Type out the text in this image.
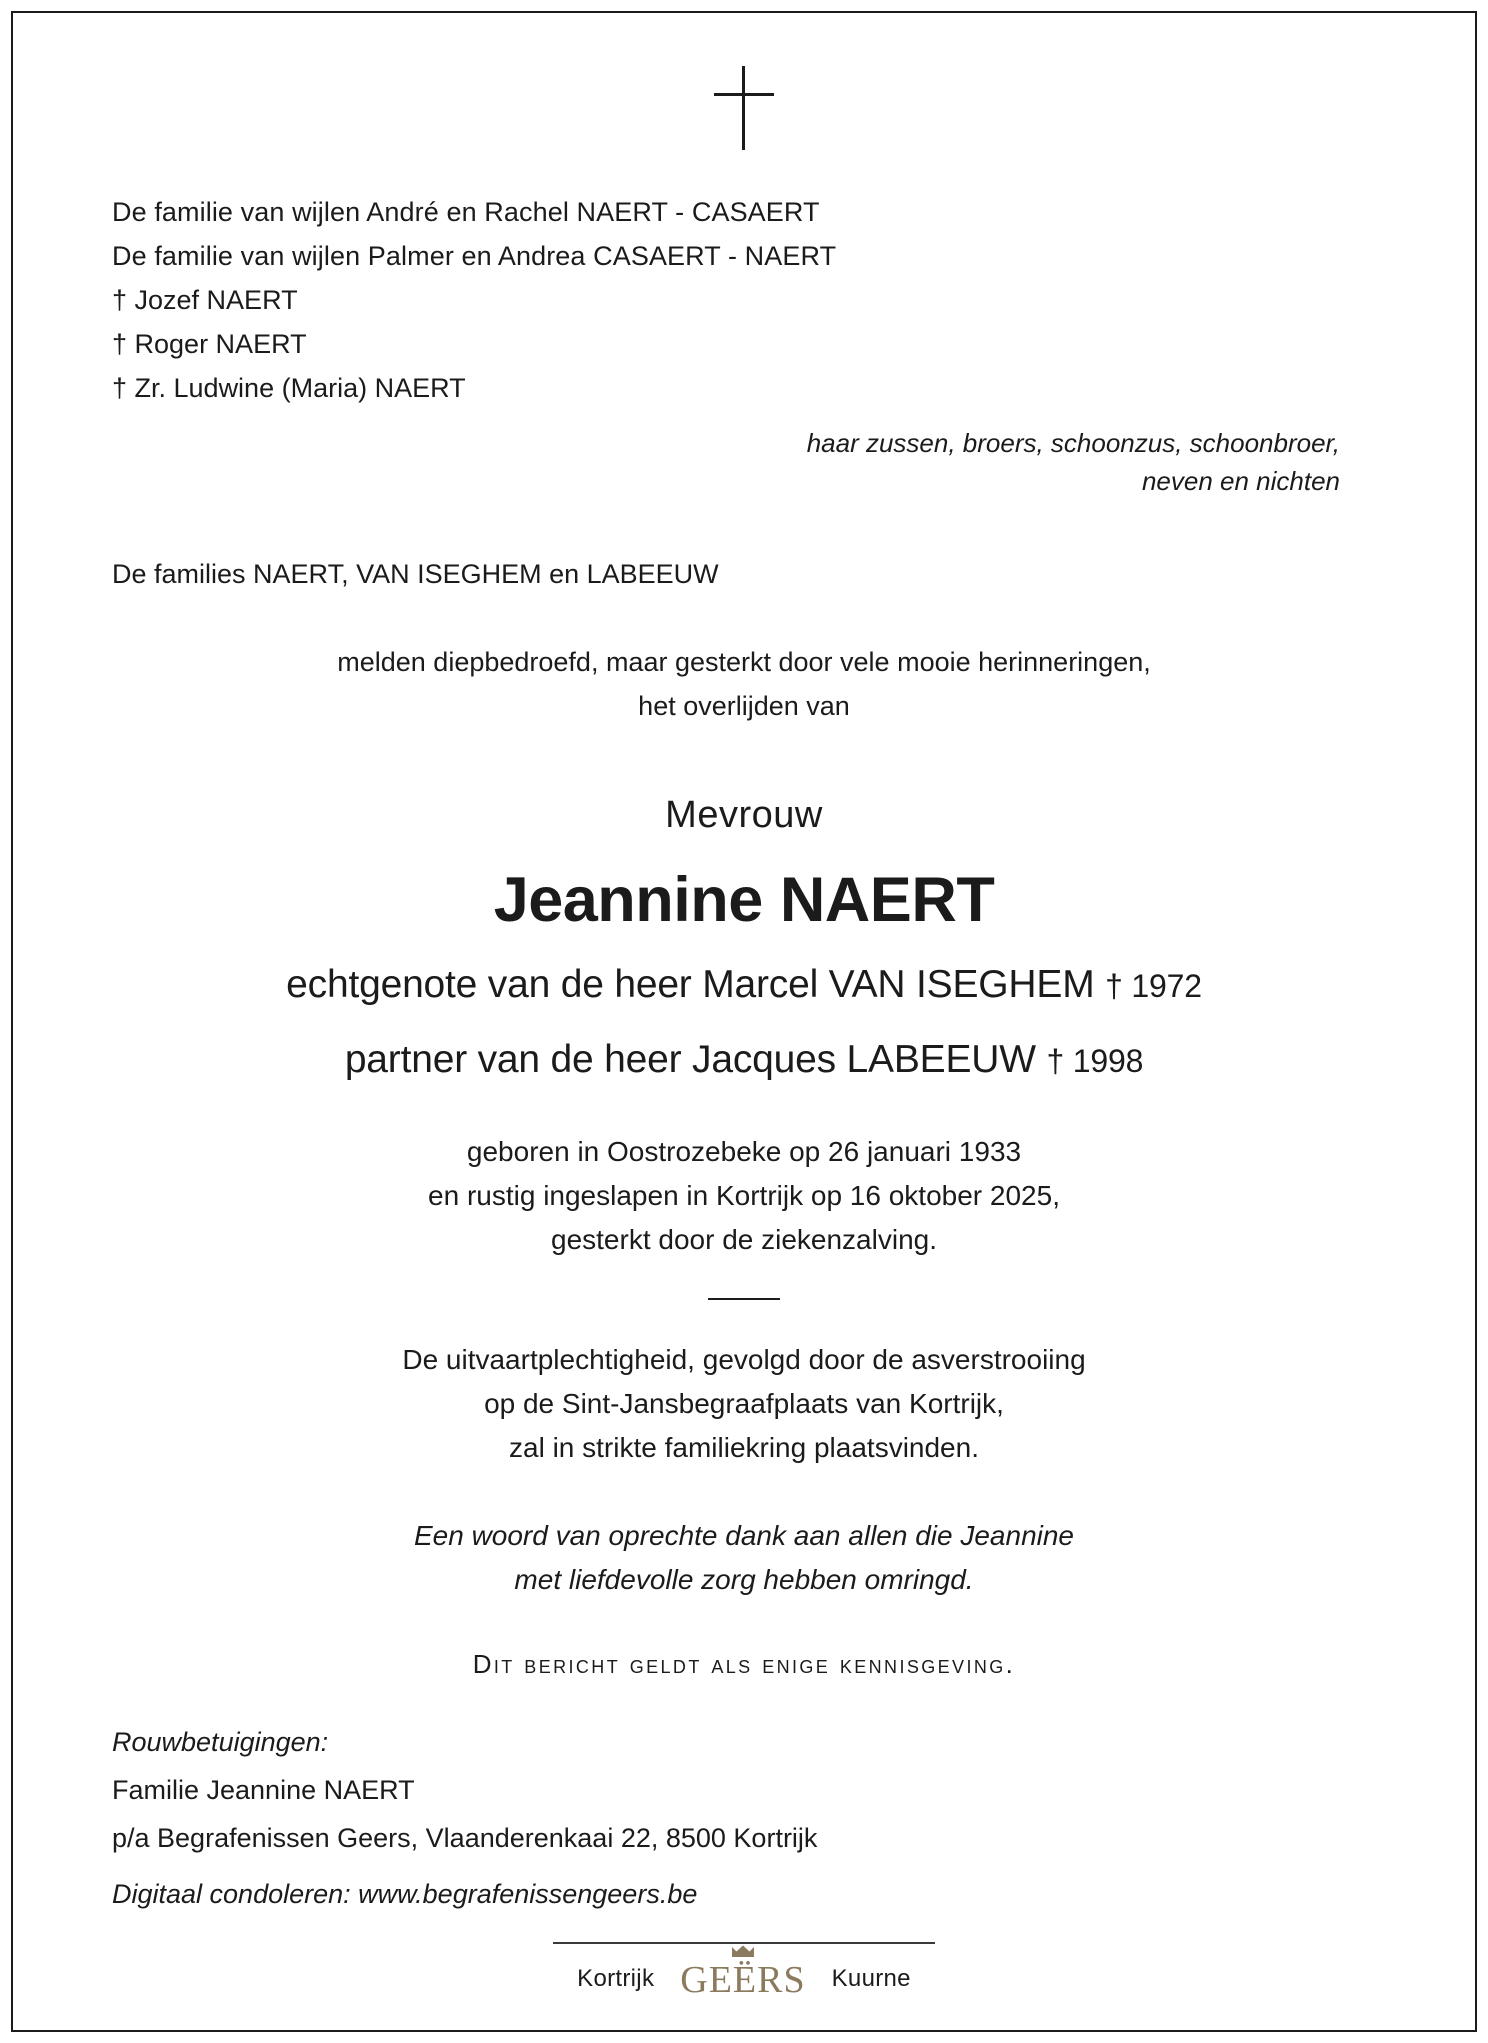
De familie van wijlen André en Rachel NAERT - CASAERT
De familie van wijlen Palmer en Andrea CASAERT - NAERT
† Jozef NAERT
† Roger NAERT
† Zr. Ludwine (Maria) NAERT
haar zussen, broers, schoonzus, schoonbroer,
neven en nichten
De families NAERT, VAN ISEGHEM en LABEEUW
melden diepbedroefd, maar gesterkt door vele mooie herinneringen,
het overlijden van
Mevrouw
Jeannine NAERT
echtgenote van de heer Marcel VAN ISEGHEM † 1972
partner van de heer Jacques LABEEUW † 1998
geboren in Oostrozebeke op 26 januari 1933
en rustig ingeslapen in Kortrijk op 16 oktober 2025,
gesterkt door de ziekenzalving.
De uitvaartplechtigheid, gevolgd door de asverstrooiing
op de Sint-Jansbegraafplaats van Kortrijk,
zal in strikte familiekring plaatsvinden.
Een woord van oprechte dank aan allen die Jeannine
met liefdevolle zorg hebben omringd.
Dit bericht geldt als enige kennisgeving.
Rouwbetuigingen:
Familie Jeannine NAERT
p/a Begrafenissen Geers, Vlaanderenkaai 22, 8500 Kortrijk
Digitaal condoleren: www.begrafenissengeers.be
Kortrijk GEËRS Kuurne
